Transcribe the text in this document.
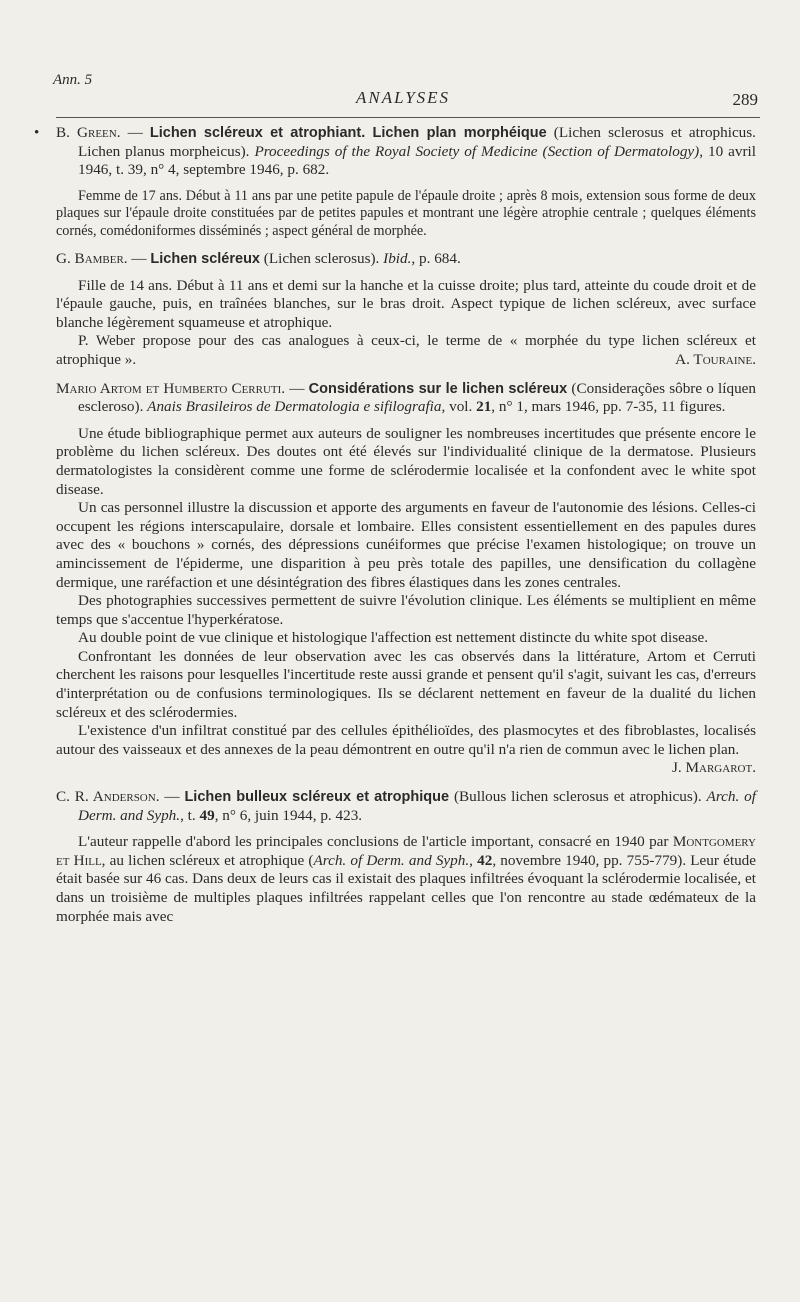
Ann. 5
ANALYSES	289
• B. Green. — Lichen scléreux et atrophiant. Lichen plan morphéique (Lichen sclerosus et atrophicus. Lichen planus morpheicus). Proceedings of the Royal Society of Medicine (Section of Dermatology), 10 avril 1946, t. 39, n° 4, septembre 1946, p. 682.

Femme de 17 ans. Début à 11 ans par une petite papule de l'épaule droite ; après 8 mois, extension sous forme de deux plaques sur l'épaule droite constituées par de petites papules et montrant une légère atrophie centrale ; quelques éléments cornés, comédoniformes disséminés ; aspect général de morphée.

G. Bamber. — Lichen scléreux (Lichen sclerosus). Ibid., p. 684.

Fille de 14 ans. Début à 11 ans et demi sur la hanche et la cuisse droite; plus tard, atteinte du coude droit et de l'épaule gauche, puis, en traînées blanches, sur le bras droit. Aspect typique de lichen scléreux, avec surface blanche légèrement squameuse et atrophique.

P. Weber propose pour des cas analogues à ceux-ci, le terme de « morphée du type lichen scléreux et atrophique ».	A. Touraine.

Mario Artom et Humberto Cerruti. — Considérations sur le lichen scléreux (Considerações sôbre o líquen escleroso). Anais Brasileiros de Dermatologia e sifilografia, vol. 21, n° 1, mars 1946, pp. 7-35, 11 figures.

Une étude bibliographique permet aux auteurs de souligner les nombreuses incertitudes que présente encore le problème du lichen scléreux. Des doutes ont été élevés sur l'individualité clinique de la dermatose. Plusieurs dermatologistes la considèrent comme une forme de sclérodermie localisée et la confondent avec le white spot disease.

Un cas personnel illustre la discussion et apporte des arguments en faveur de l'autonomie des lésions. Celles-ci occupent les régions interscapulaire, dorsale et lombaire. Elles consistent essentiellement en des papules dures avec des « bouchons » cornés, des dépressions cunéiformes que précise l'examen histologique; on trouve un amincissement de l'épiderme, une disparition à peu près totale des papilles, une densification du collagène dermique, une raréfaction et une désintégration des fibres élastiques dans les zones centrales.

Des photographies successives permettent de suivre l'évolution clinique. Les éléments se multiplient en même temps que s'accentue l'hyperkératose.

Au double point de vue clinique et histologique l'affection est nettement distincte du white spot disease.

Confrontant les données de leur observation avec les cas observés dans la littérature, Artom et Cerruti cherchent les raisons pour lesquelles l'incertitude reste aussi grande et pensent qu'il s'agit, suivant les cas, d'erreurs d'interprétation ou de confusions terminologiques. Ils se déclarent nettement en faveur de la dualité du lichen scléreux et des sclérodermies.

L'existence d'un infiltrat constitué par des cellules épithélioïdes, des plasmocytes et des fibroblastes, localisés autour des vaisseaux et des annexes de la peau démontrent en outre qu'il n'a rien de commun avec le lichen plan.

J. Margarot.

C. R. Anderson. — Lichen bulleux scléreux et atrophique (Bullous lichen sclerosus et atrophicus). Arch. of Derm. and Syph., t. 49, n° 6, juin 1944, p. 423.

L'auteur rappelle d'abord les principales conclusions de l'article important, consacré en 1940 par Montgomery et Hill, au lichen scléreux et atrophique (Arch. of Derm. and Syph., 42, novembre 1940, pp. 755-779). Leur étude était basée sur 46 cas. Dans deux de leurs cas il existait des plaques infiltrées évoquant la sclérodermie localisée, et dans un troisième de multiples plaques infiltrées rappelant celles que l'on rencontre au stade œdémateux de la morphée mais avec
